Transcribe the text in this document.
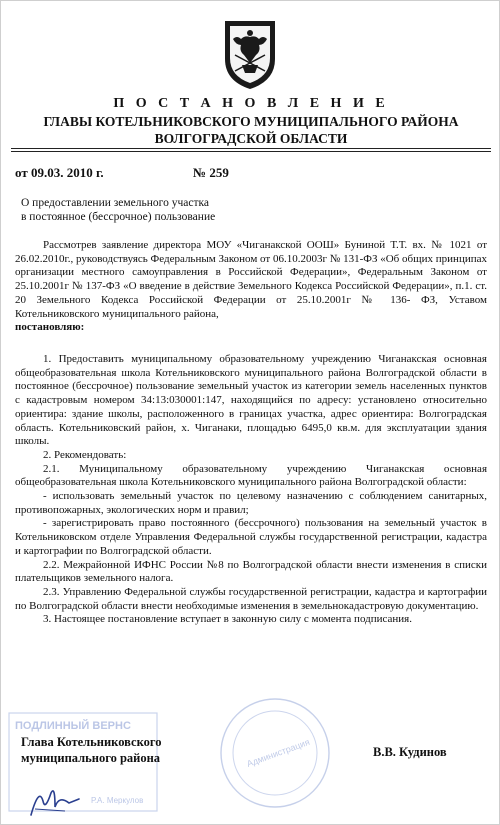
П О С Т А Н О В Л Е Н И Е
ГЛАВЫ КОТЕЛЬНИКОВСКОГО МУНИЦИПАЛЬНОГО РАЙОНА
ВОЛГОГРАДСКОЙ ОБЛАСТИ
от 09.03. 2010 г.	№ 259
О предоставлении земельного участка
в постоянное (бессрочное) пользование

Рассмотрев заявление директора МОУ «Чиганакской ООШ» Буниной Т.Т. вх. № 1021 от 26.02.2010г., руководствуясь Федеральным Законом от 06.10.2003г № 131-ФЗ «Об общих принципах организации местного самоуправления в Российской Федерации», Федеральным Законом от 25.10.2001г № 137-ФЗ «О введение в действие Земельного Кодекса Российской Федерации», п.1. ст. 20 Земельного Кодекса Российской Федерации от 25.10.2001г № 136- ФЗ, Уставом Котельниковского муниципального района,

постановляю:

1. Предоставить муниципальному образовательному учреждению Чиганакская основная общеобразовательная школа Котельниковского муниципального района Волгоградской области в постоянное (бессрочное) пользование земельный участок из категории земель населенных пунктов с кадастровым номером 34:13:030001:147, находящийся по адресу: установлено относительно ориентира: здание школы, расположенного в границах участка, адрес ориентира: Волгоградская область. Котельниковский район, х. Чиганаки, площадью 6495,0 кв.м. для эксплуатации здания школы.

2. Рекомендовать:

2.1. Муниципальному образовательному учреждению Чиганакская основная общеобразовательная школа Котельниковского муниципального района Волгоградской области:

- использовать земельный участок по целевому назначению с соблюдением санитарных, противопожарных, экологических норм и правил;

- зарегистрировать право постоянного (бессрочного) пользования на земельный участок в Котельниковском отделе Управления Федеральной службы государственной регистрации, кадастра и картографии по Волгоградской области.

2.2. Межрайонной ИФНС России №8 по Волгоградской области внести изменения в списки плательщиков земельного налога.

2.3. Управлению Федеральной службы государственной регистрации, кадастра и картографии по Волгоградской области внести необходимые изменения в земельнокадастровую документацию.

3. Настоящее постановление вступает в законную силу с момента подписания.

ПОДЛИННЫЙ ВЕРНС
Р.А. Меркулов
Администрация
Глава Котельниковского
муниципального района	В.В. Кудинов
